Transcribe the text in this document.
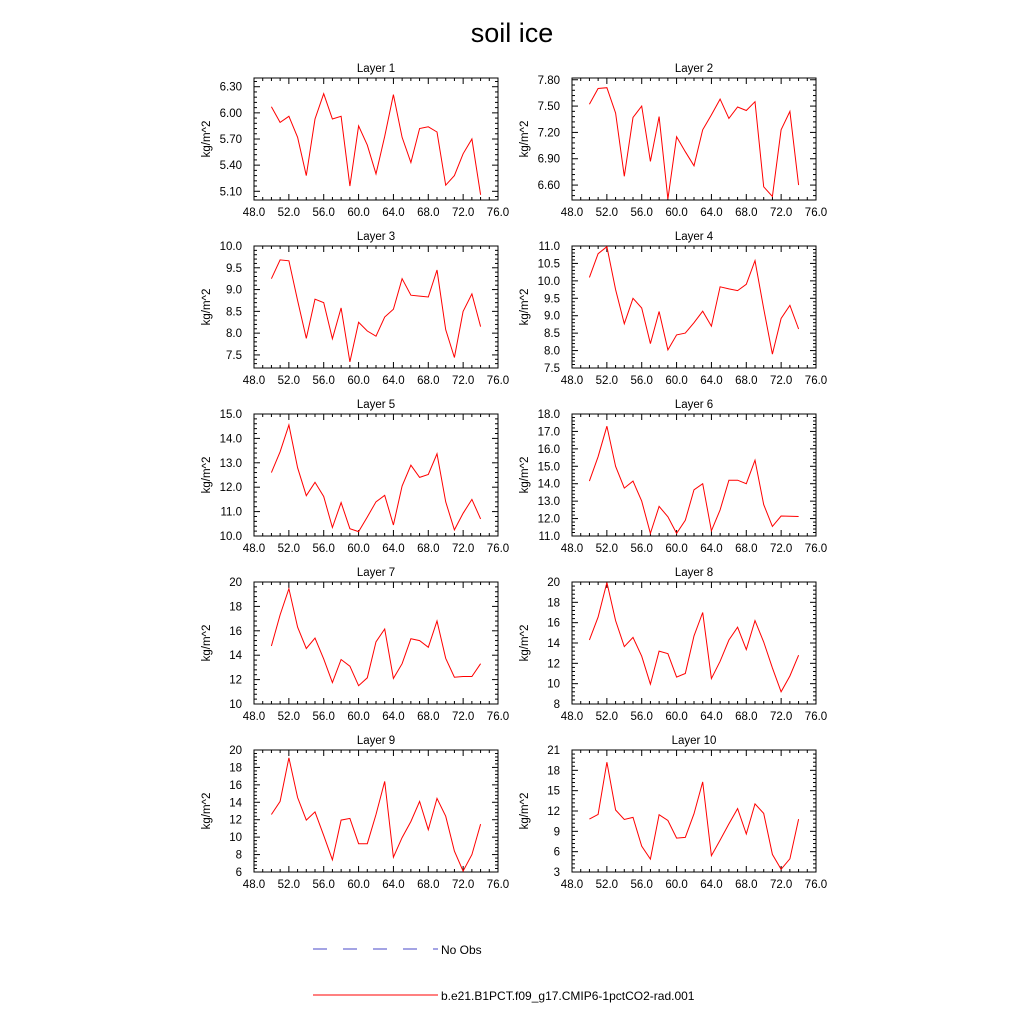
soil ice
Layer 1
kg/m^2
48.0 52.0 56.0 60.0 64.0 68.0 72.0 76.0
5.10
5.40
5.70
6.00
6.30
Layer 2
kg/m^2
48.0 52.0 56.0 60.0 64.0 68.0 72.0 76.0
6.60
6.90
7.20
7.50
7.80
Layer 3
kg/m^2
48.0 52.0 56.0 60.0 64.0 68.0 72.0 76.0
7.5
8.0
8.5
9.0
9.5
10.0
Layer 4
kg/m^2
48.0 52.0 56.0 60.0 64.0 68.0 72.0 76.0
7.5
8.0
8.5
9.0
9.5
10.0
10.5
11.0
Layer 5
kg/m^2
48.0 52.0 56.0 60.0 64.0 68.0 72.0 76.0
10.0
11.0
12.0
13.0
14.0
15.0
Layer 6
kg/m^2
48.0 52.0 56.0 60.0 64.0 68.0 72.0 76.0
11.0
12.0
13.0
14.0
15.0
16.0
17.0
18.0
Layer 7
kg/m^2
48.0 52.0 56.0 60.0 64.0 68.0 72.0 76.0
10
12
14
16
18
20
Layer 8
kg/m^2
48.0 52.0 56.0 60.0 64.0 68.0 72.0 76.0
8
10
12
14
16
18
20
Layer 9
kg/m^2
48.0 52.0 56.0 60.0 64.0 68.0 72.0 76.0
6
8
10
12
14
16
18
20
Layer 10
kg/m^2
48.0 52.0 56.0 60.0 64.0 68.0 72.0 76.0
3
6
9
12
15
18
21
No Obs
b.e21.B1PCT.f09_g17.CMIP6-1pctCO2-rad.001
